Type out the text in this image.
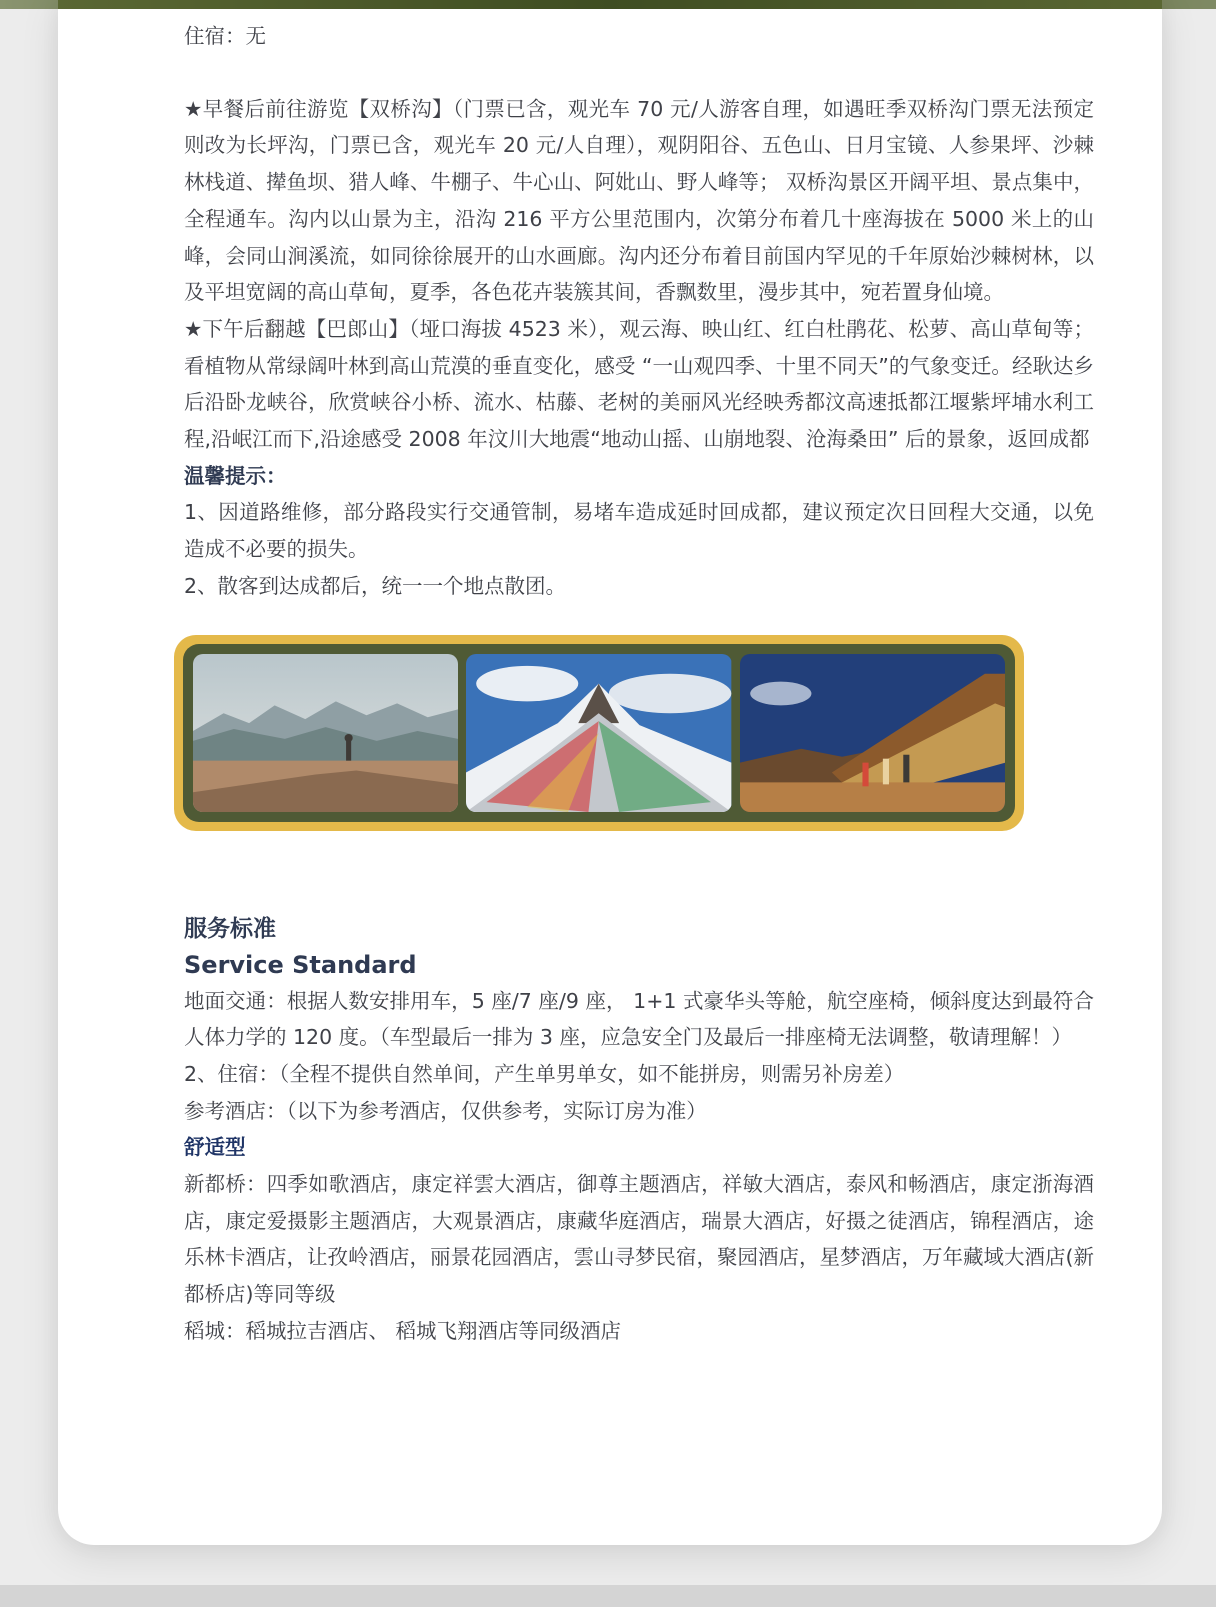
住宿：无

★早餐后前往游览【双桥沟】（门票已含，观光车 70 元/人游客自理，如遇旺季双桥沟门票无法预定则改为长坪沟，门票已含，观光车 20 元/人自理），观阴阳谷、五色山、日月宝镜、人参果坪、沙棘林栈道、撵鱼坝、猎人峰、牛棚子、牛心山、阿妣山、野人峰等； 双桥沟景区开阔平坦、景点集中，全程通车。沟内以山景为主，沿沟 216 平方公里范围内，次第分布着几十座海拔在 5000 米上的山峰，会同山涧溪流，如同徐徐展开的山水画廊。沟内还分布着目前国内罕见的千年原始沙棘树林，以及平坦宽阔的高山草甸，夏季，各色花卉装簇其间，香飘数里，漫步其中，宛若置身仙境。

★下午后翻越【巴郎山】（垭口海拔 4523 米），观云海、映山红、红白杜鹃花、松萝、高山草甸等；看植物从常绿阔叶林到高山荒漠的垂直变化，感受 “一山观四季、十里不同天”的气象变迁。经耿达乡后沿卧龙峡谷，欣赏峡谷小桥、流水、枯藤、老树的美丽风光经映秀都汶高速抵都江堰紫坪埔水利工程,沿岷江而下,沿途感受 2008 年汶川大地震“地动山摇、山崩地裂、沧海桑田” 后的景象，返回成都

温馨提示：

1、因道路维修，部分路段实行交通管制，易堵车造成延时回成都，建议预定次日回程大交通，以免造成不必要的损失。

2、散客到达成都后，统一一个地点散团。

服务标准
Service Standard

地面交通：根据人数安排用车，5 座/7 座/9 座， 1+1 式豪华头等舱，航空座椅，倾斜度达到最符合人体力学的 120 度。（车型最后一排为 3 座，应急安全门及最后一排座椅无法调整，敬请理解！）

2、住宿：（全程不提供自然单间，产生单男单女，如不能拼房，则需另补房差）

参考酒店：（以下为参考酒店，仅供参考，实际订房为准）

舒适型

新都桥：四季如歌酒店，康定祥雲大酒店，御尊主题酒店，祥敏大酒店，泰风和畅酒店，康定浙海酒店，康定爱摄影主题酒店，大观景酒店，康藏华庭酒店，瑞景大酒店，好摄之徒酒店，锦程酒店，途乐林卡酒店，让孜岭酒店，丽景花园酒店，雲山寻梦民宿，聚园酒店，星梦酒店，万年藏域大酒店(新都桥店)等同等级

稻城：稻城拉吉酒店、 稻城飞翔酒店等同级酒店
